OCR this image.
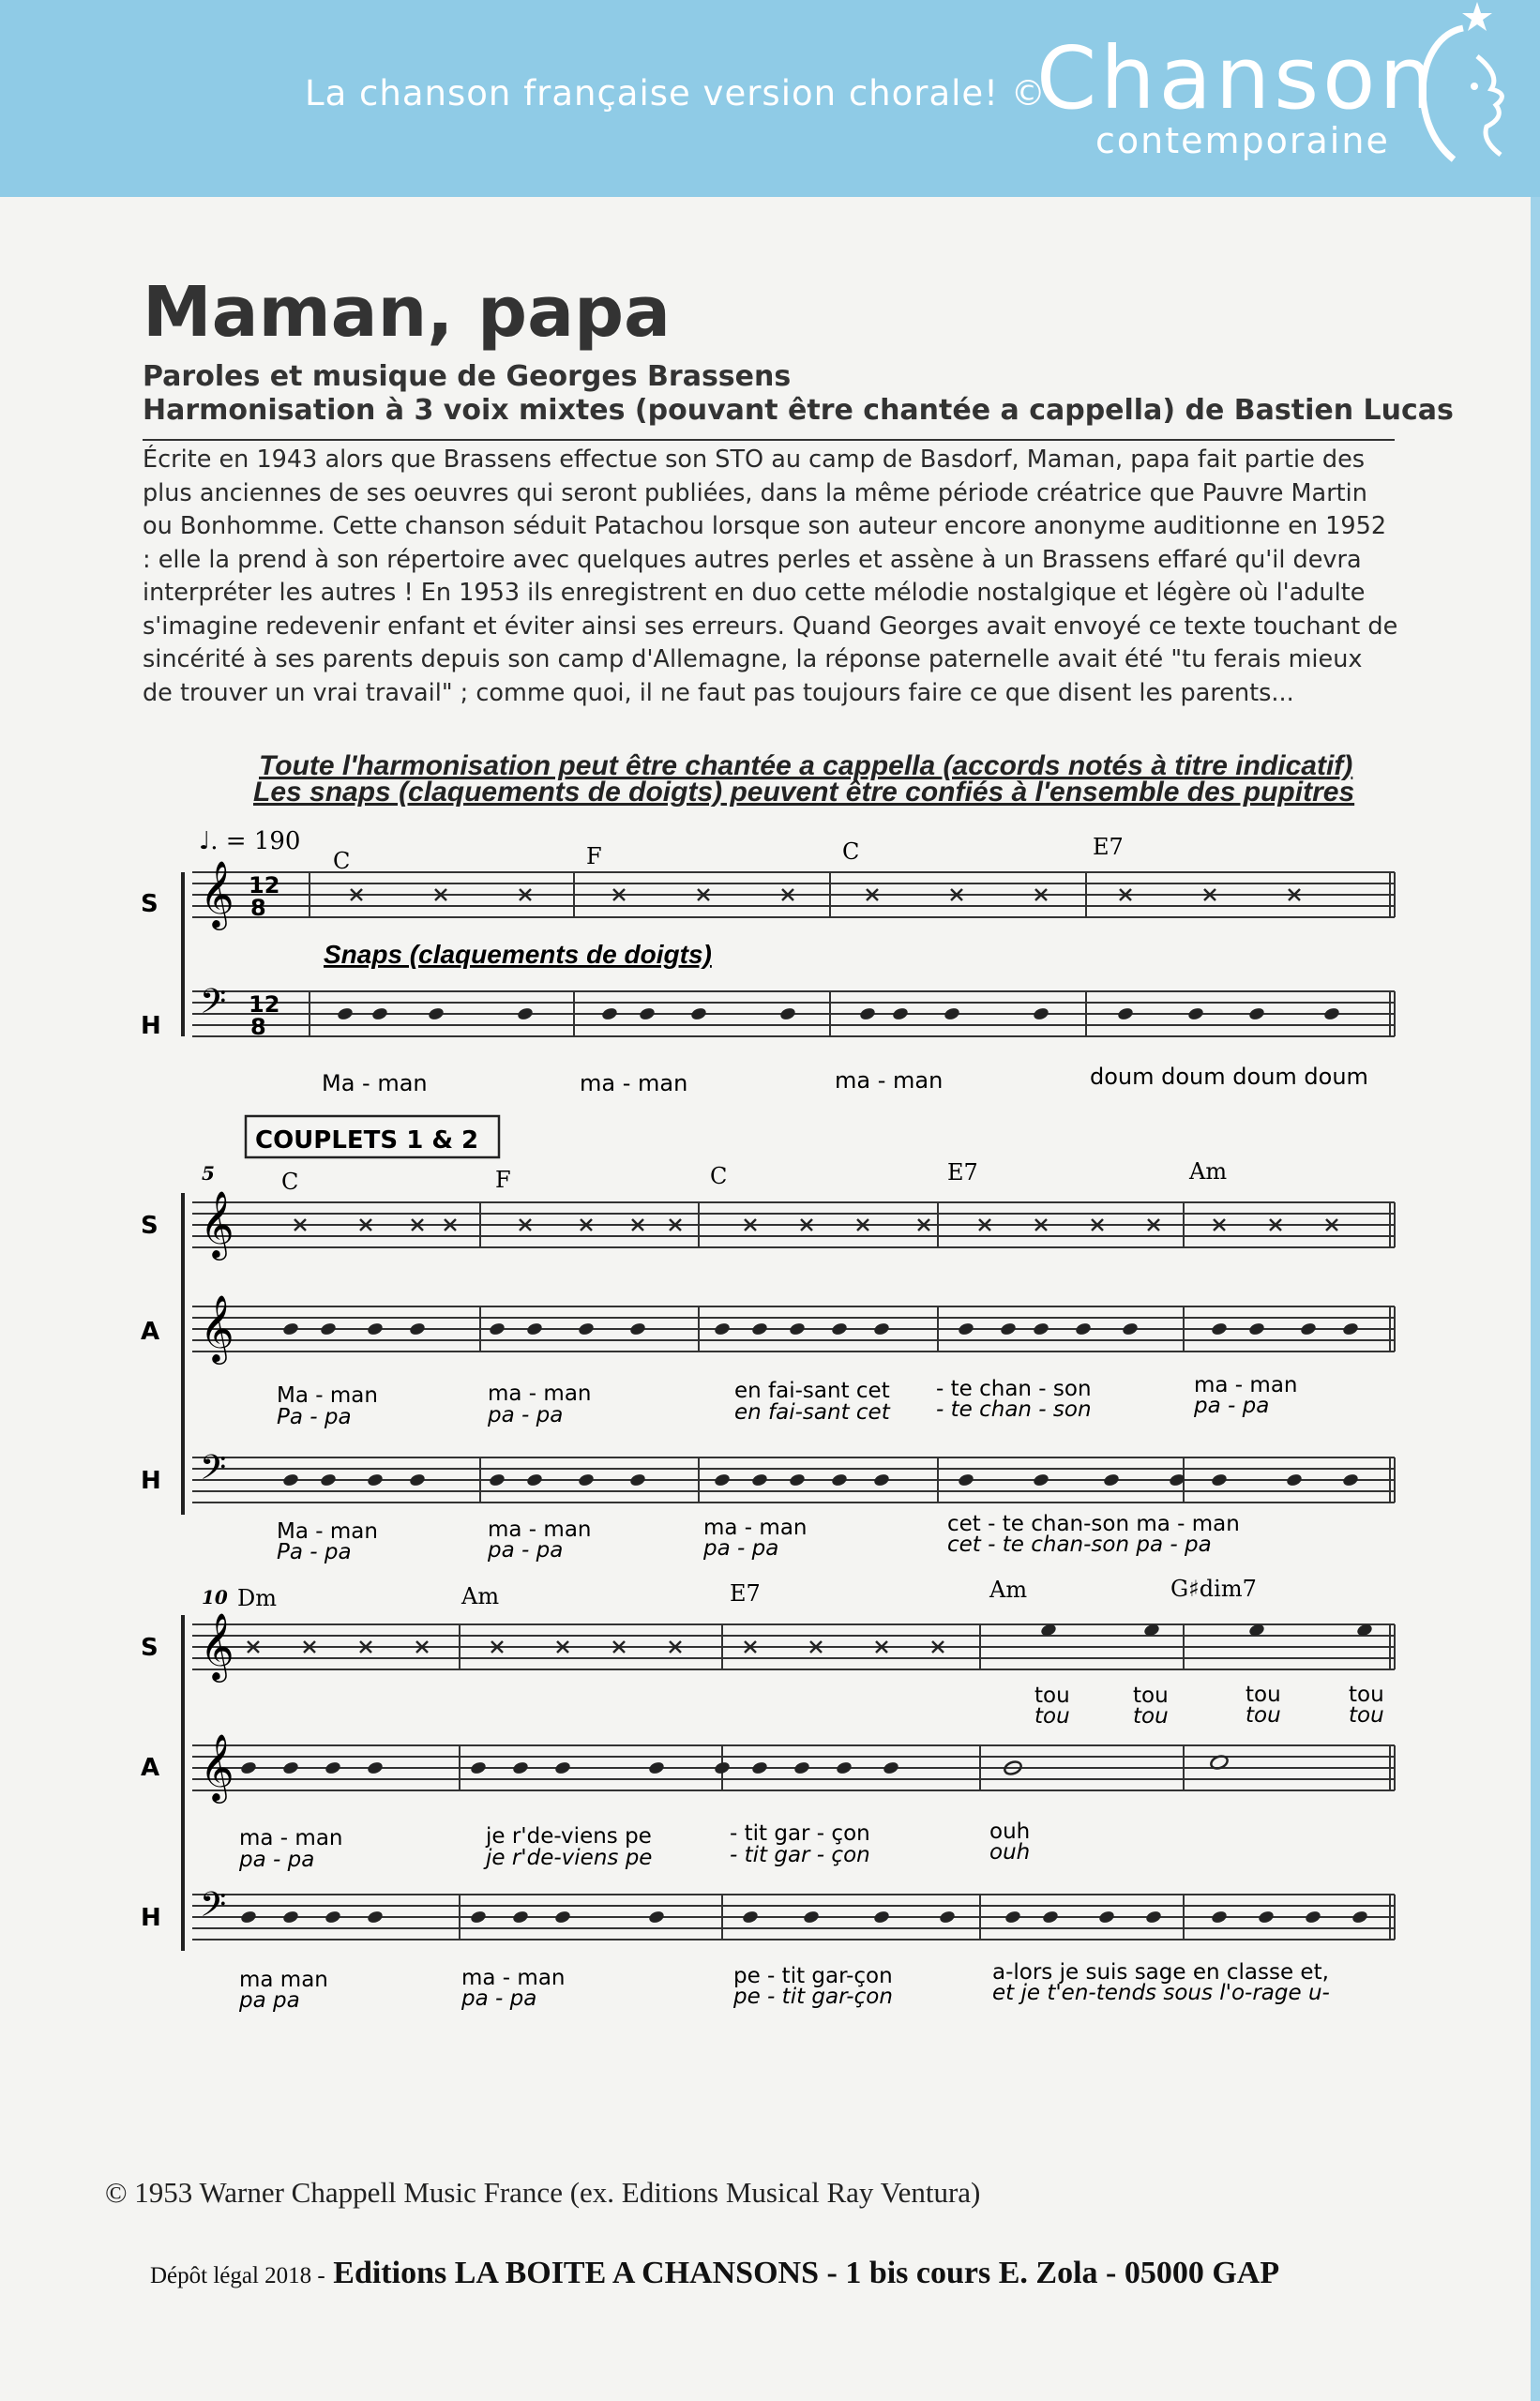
La chanson française version chorale! ©
Chanson
contemporaine
Maman, papa
Paroles et musique de Georges Brassens
Harmonisation à 3 voix mixtes (pouvant être chantée a cappella) de Bastien Lucas
Écrite en 1943 alors que Brassens effectue son STO au camp de Basdorf, Maman, papa fait partie des
plus anciennes de ses oeuvres qui seront publiées, dans la même période créatrice que Pauvre Martin
ou Bonhomme. Cette chanson séduit Patachou lorsque son auteur encore anonyme auditionne en 1952
: elle la prend à son répertoire avec quelques autres perles et assène à un Brassens effaré qu'il devra
interpréter les autres ! En 1953 ils enregistrent en duo cette mélodie nostalgique et légère où l'adulte
s'imagine redevenir enfant et éviter ainsi ses erreurs. Quand Georges avait envoyé ce texte touchant de
sincérité à ses parents depuis son camp d'Allemagne, la réponse paternelle avait été "tu ferais mieux
de trouver un vrai travail" ; comme quoi, il ne faut pas toujours faire ce que disent les parents...
Toute l'harmonisation peut être chantée a cappella (accords notés à titre indicatif)
Les snaps (claquements de doigts) peuvent être confiés à l'ensemble des pupitres
♩. = 190
S
H
𝄞 12
8
𝄢 12
8
Snaps (claquements de doigts)
C	F	C	E7
Ma - man	ma - man	ma - man	doum doum doum doum
COUPLETS 1 & 2
5
S
A
H
𝄞
𝄞
𝄢
C	F	C	E7	Am
Ma - man	ma - man	en fai-sant cet - te chan - son	ma - man
Pa - pa	pa - pa	en fai-sant cet - te chan - son	pa - pa
Ma - man	ma - man	ma - man	cet - te chan-son ma - man
Pa - pa	pa - pa	pa - pa	cet - te chan-son pa - pa
10
S
A
H
𝄞
𝄞
𝄢
Dm	Am	E7	Am	G♯dim7
tou	tou	tou	tou
tou	tou	tou	tou
ma - man	je r'de-viens pe	- tit gar - çon	ouh
pa - pa	je r'de-viens pe	- tit gar - çon	ouh
ma man	ma - man	pe - tit gar-çon	a-lors je suis sage en classe et,
pa pa	pa - pa	pe - tit gar-çon	et je t'en-tends sous l'o-rage u-
© 1953 Warner Chappell Music France (ex. Editions Musical Ray Ventura)
Dépôt légal 2018 - Editions LA BOITE A CHANSONS - 1 bis cours E. Zola - 05000 GAP
